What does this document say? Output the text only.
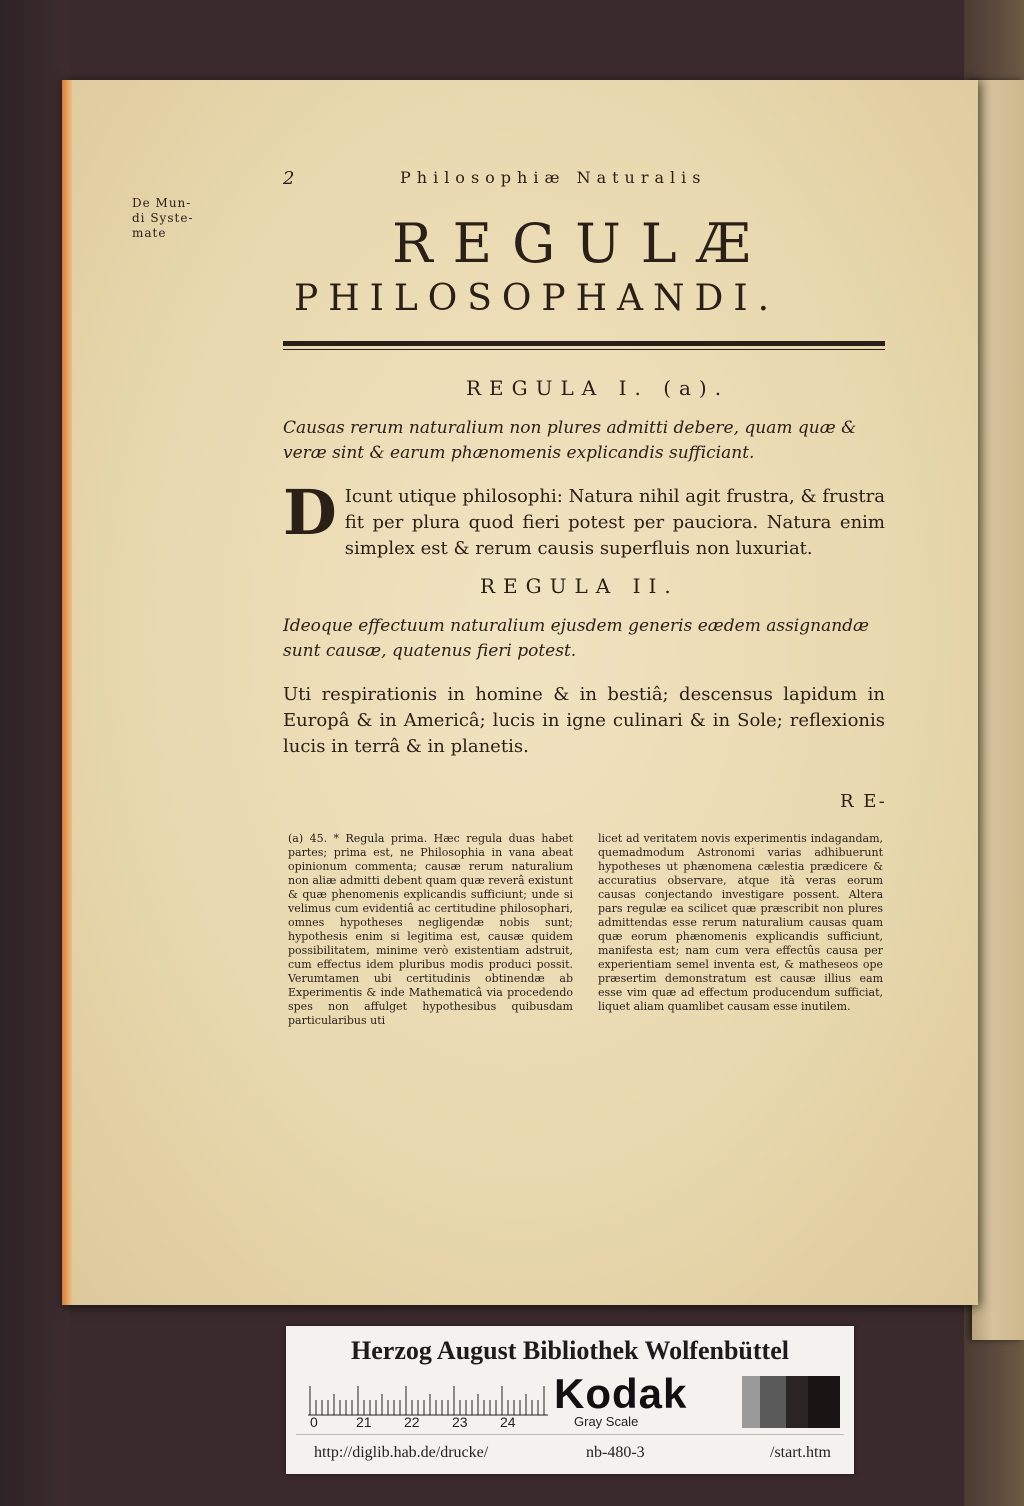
De Mun-
di Syste-
mate
2	Philosophiæ Naturalis
REGULÆ
PHILOSOPHANDI.
REGULA I. (a).
Causas rerum naturalium non plures admitti debere, quam quæ & veræ sint & earum phænomenis explicandis sufficiant.
D Icunt utique philosophi: Natura nihil agit frustra, & frustra fit per plura quod fieri potest per pauciora. Natura enim simplex est & rerum causis superfluis non luxuriat.
REGULA II.
Ideoque effectuum naturalium ejusdem generis eædem assignandæ sunt causæ, quatenus fieri potest.
Uti respirationis in homine & in bestiâ; descensus lapidum in Europâ & in Americâ; lucis in igne culinari & in Sole; reflexionis lucis in terrâ & in planetis.
R E-
(a) 45. * Regula prima. Hæc regula duas habet partes; prima est, ne Philosophia in vana abeat opinionum commenta; causæ rerum naturalium non aliæ admitti debent quam quæ reverâ existunt & quæ phenomenis explicandis sufficiunt; unde si velimus cum evidentiâ ac certitudine philosophari, omnes hypotheses negligendæ nobis sunt; hypothesis enim si legitima est, causæ quidem possibilitatem, minime verò existentiam adstruit, cum effectus idem pluribus modis produci possit. Verumtamen ubi certitudinis obtinendæ ab Experimentis & inde Mathematicâ via procedendo spes non affulget hypothesibus quibusdam particularibus uti
licet ad veritatem novis experimentis indagandam, quemadmodum Astronomi varias adhibuerunt hypotheses ut phænomena cælestia prædicere & accuratius observare, atque ità veras eorum causas conjectando investigare possent. Altera pars regulæ ea scilicet quæ præscribit non plures admittendas esse rerum naturalium causas quam quæ eorum phænomenis explicandis sufficiunt, manifesta est; nam cum vera effectûs causa per experientiam semel inventa est, & matheseos ope præsertim demonstratum est causæ illius eam esse vim quæ ad effectum producendum sufficiat, liquet aliam quamlibet causam esse inutilem.
Herzog August Bibliothek Wolfenbüttel
0	21 22 23 24
Kodak
Gray Scale
http://diglib.hab.de/drucke/	nb-480-3	/start.htm
